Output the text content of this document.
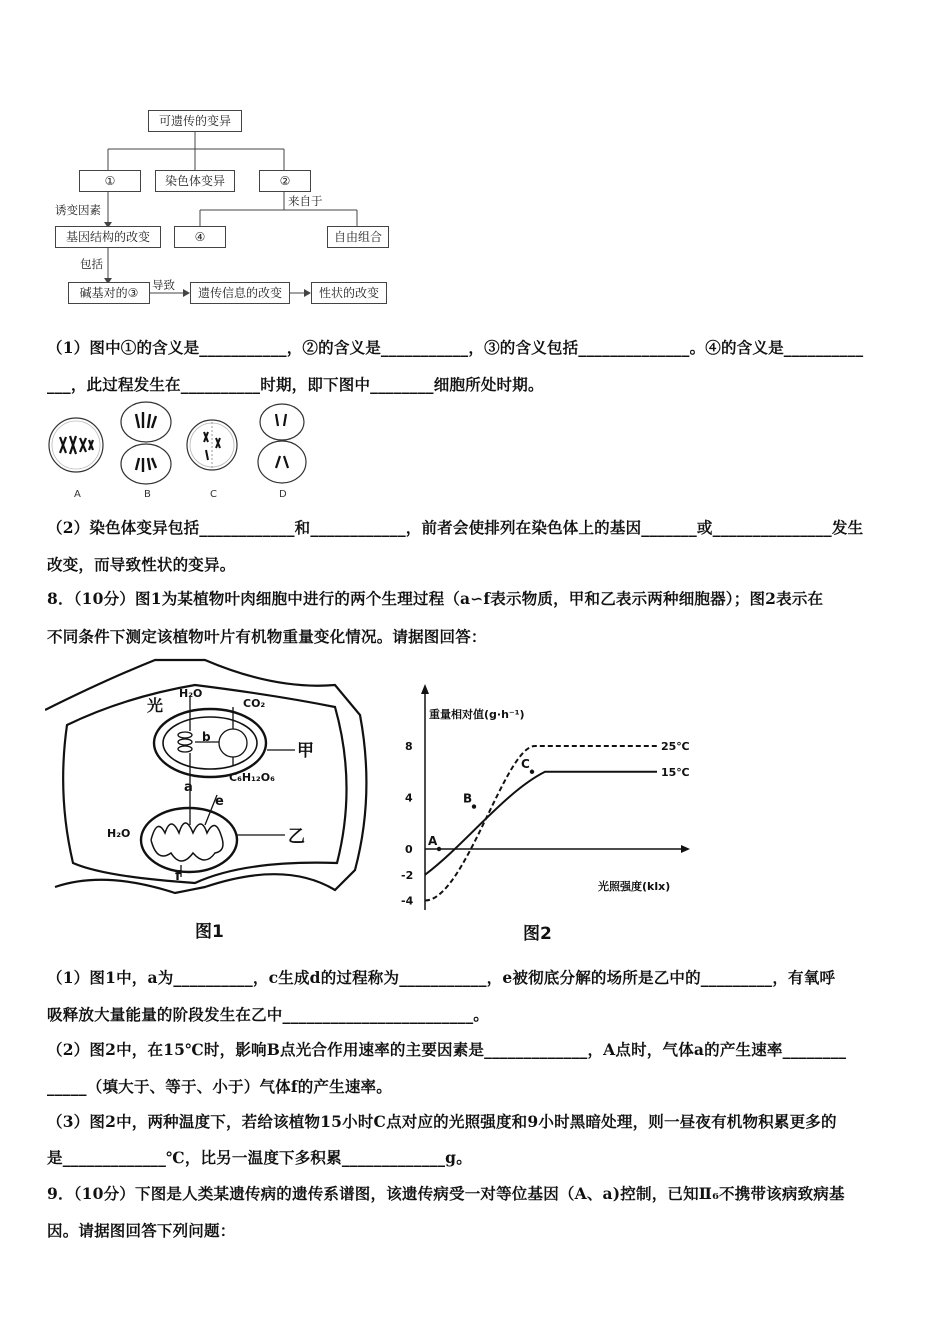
可遗传的变异
①	染色体变异	②
来自于
诱变因素
基因结构的改变	④	自由组合
包括
碱基对的③
导致
遗传信息的改变	性状的改变
（1）图中①的含义是___________，②的含义是___________，③的含义包括______________。④的含义是__________
___，此过程发生在__________时期，即下图中________细胞所处时期。
A	B	C	D
（2）染色体变异包括____________和____________，前者会使排列在染色体上的基因_______或_______________发生
改变，而导致性状的变异。
8．（10分）图1为某植物叶肉细胞中进行的两个生理过程（a∽f表示物质，甲和乙表示两种细胞器）；图2表示在
不同条件下测定该植物叶片有机物重量变化情况。请据图回答：
光
H₂O
CO₂
b
a
e
C₆H₁₂O₆
H₂O
f
甲
乙
图1
重量相对值(g·h⁻¹)
光照强度(klx)
8
4
0
-2
-4
25℃
15℃
A
B
C
图2
（1）图1中，a为__________，c生成d的过程称为___________，e被彻底分解的场所是乙中的_________，有氧呼
吸释放大量能量的阶段发生在乙中________________________。
（2）图2中，在15℃时，影响B点光合作用速率的主要因素是_____________，A点时，气体a的产生速率________
_____（填大于、等于、小于）气体f的产生速率。
（3）图2中，两种温度下，若给该植物15小时C点对应的光照强度和9小时黑暗处理，则一昼夜有机物积累更多的
是_____________℃，比另一温度下多积累_____________g。
9．（10分）下图是人类某遗传病的遗传系谱图，该遗传病受一对等位基因（A、a)控制，已知Ⅱ₆不携带该病致病基
因。请据图回答下列问题：
